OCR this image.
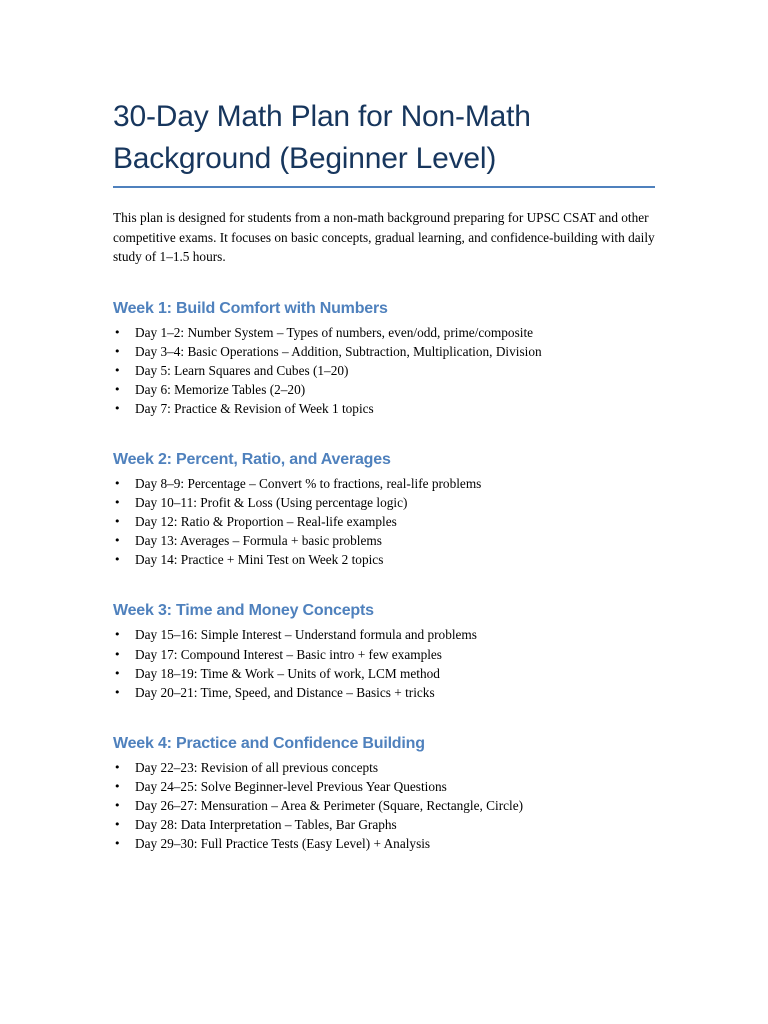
30-Day Math Plan for Non-Math
Background (Beginner Level)

This plan is designed for students from a non-math background preparing for UPSC CSAT and other competitive exams. It focuses on basic concepts, gradual learning, and confidence-building with daily study of 1–1.5 hours.

Week 1: Build Comfort with Numbers
• Day 1–2: Number System – Types of numbers, even/odd, prime/composite
• Day 3–4: Basic Operations – Addition, Subtraction, Multiplication, Division
• Day 5: Learn Squares and Cubes (1–20)
• Day 6: Memorize Tables (2–20)
• Day 7: Practice & Revision of Week 1 topics
Week 2: Percent, Ratio, and Averages
• Day 8–9: Percentage – Convert % to fractions, real-life problems
• Day 10–11: Profit & Loss (Using percentage logic)
• Day 12: Ratio & Proportion – Real-life examples
• Day 13: Averages – Formula + basic problems
• Day 14: Practice + Mini Test on Week 2 topics
Week 3: Time and Money Concepts
• Day 15–16: Simple Interest – Understand formula and problems
• Day 17: Compound Interest – Basic intro + few examples
• Day 18–19: Time & Work – Units of work, LCM method
• Day 20–21: Time, Speed, and Distance – Basics + tricks
Week 4: Practice and Confidence Building
• Day 22–23: Revision of all previous concepts
• Day 24–25: Solve Beginner-level Previous Year Questions
• Day 26–27: Mensuration – Area & Perimeter (Square, Rectangle, Circle)
• Day 28: Data Interpretation – Tables, Bar Graphs
• Day 29–30: Full Practice Tests (Easy Level) + Analysis
